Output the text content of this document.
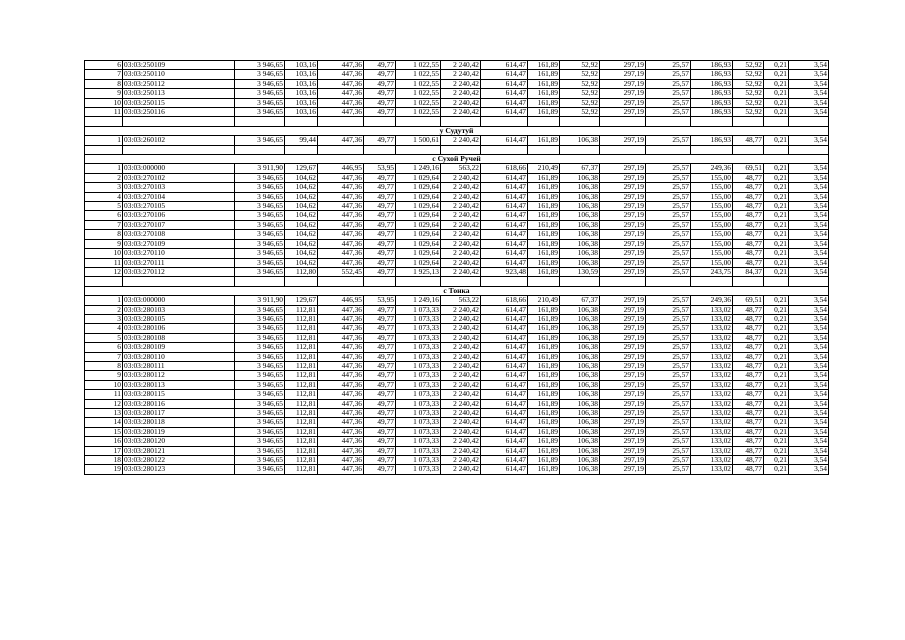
6	03:03:250109	3 946,65	103,16	447,36	49,77	1 022,55	2 240,42	614,47	161,89	52,92	297,19	25,57	186,93	52,92	0,21	3,54
7	03:03:250110	3 946,65	103,16	447,36	49,77	1 022,55	2 240,42	614,47	161,89	52,92	297,19	25,57	186,93	52,92	0,21	3,54
8	03:03:250112	3 946,65	103,16	447,36	49,77	1 022,55	2 240,42	614,47	161,89	52,92	297,19	25,57	186,93	52,92	0,21	3,54
9	03:03:250113	3 946,65	103,16	447,36	49,77	1 022,55	2 240,42	614,47	161,89	52,92	297,19	25,57	186,93	52,92	0,21	3,54
10	03:03:250115	3 946,65	103,16	447,36	49,77	1 022,55	2 240,42	614,47	161,89	52,92	297,19	25,57	186,93	52,92	0,21	3,54
11	03:03:250116	3 946,65	103,16	447,36	49,77	1 022,55	2 240,42	614,47	161,89	52,92	297,19	25,57	186,93	52,92	0,21	3,54

у Судутуй																
1	03:03:260102	3 946,65	99,44	447,36	49,77	1 500,61	2 240,42	614,47	161,89	106,38	297,19	25,57	186,93	48,77	0,21	3,54

с Сухой Ручей																
1	03:03:000000	3 911,90	129,67	446,95	53,95	1 249,16	563,22	618,66	210,49	67,37	297,19	25,57	249,36	69,51	0,21	3,54
2	03:03:270102	3 946,65	104,62	447,36	49,77	1 029,64	2 240,42	614,47	161,89	106,38	297,19	25,57	155,00	48,77	0,21	3,54
3	03:03:270103	3 946,65	104,62	447,36	49,77	1 029,64	2 240,42	614,47	161,89	106,38	297,19	25,57	155,00	48,77	0,21	3,54
4	03:03:270104	3 946,65	104,62	447,36	49,77	1 029,64	2 240,42	614,47	161,89	106,38	297,19	25,57	155,00	48,77	0,21	3,54
5	03:03:270105	3 946,65	104,62	447,36	49,77	1 029,64	2 240,42	614,47	161,89	106,38	297,19	25,57	155,00	48,77	0,21	3,54
6	03:03:270106	3 946,65	104,62	447,36	49,77	1 029,64	2 240,42	614,47	161,89	106,38	297,19	25,57	155,00	48,77	0,21	3,54
7	03:03:270107	3 946,65	104,62	447,36	49,77	1 029,64	2 240,42	614,47	161,89	106,38	297,19	25,57	155,00	48,77	0,21	3,54
8	03:03:270108	3 946,65	104,62	447,36	49,77	1 029,64	2 240,42	614,47	161,89	106,38	297,19	25,57	155,00	48,77	0,21	3,54
9	03:03:270109	3 946,65	104,62	447,36	49,77	1 029,64	2 240,42	614,47	161,89	106,38	297,19	25,57	155,00	48,77	0,21	3,54
10	03:03:270110	3 946,65	104,62	447,36	49,77	1 029,64	2 240,42	614,47	161,89	106,38	297,19	25,57	155,00	48,77	0,21	3,54
11	03:03:270111	3 946,65	104,62	447,36	49,77	1 029,64	2 240,42	614,47	161,89	106,38	297,19	25,57	155,00	48,77	0,21	3,54
12	03:03:270112	3 946,65	112,80	552,45	49,77	1 925,13	2 240,42	923,48	161,89	130,59	297,19	25,57	243,75	84,37	0,21	3,54

с Тонка																
1	03:03:000000	3 911,90	129,67	446,95	53,95	1 249,16	563,22	618,66	210,49	67,37	297,19	25,57	249,36	69,51	0,21	3,54
2	03:03:280103	3 946,65	112,81	447,36	49,77	1 073,33	2 240,42	614,47	161,89	106,38	297,19	25,57	133,02	48,77	0,21	3,54
3	03:03:280105	3 946,65	112,81	447,36	49,77	1 073,33	2 240,42	614,47	161,89	106,38	297,19	25,57	133,02	48,77	0,21	3,54
4	03:03:280106	3 946,65	112,81	447,36	49,77	1 073,33	2 240,42	614,47	161,89	106,38	297,19	25,57	133,02	48,77	0,21	3,54
5	03:03:280108	3 946,65	112,81	447,36	49,77	1 073,33	2 240,42	614,47	161,89	106,38	297,19	25,57	133,02	48,77	0,21	3,54
6	03:03:280109	3 946,65	112,81	447,36	49,77	1 073,33	2 240,42	614,47	161,89	106,38	297,19	25,57	133,02	48,77	0,21	3,54
7	03:03:280110	3 946,65	112,81	447,36	49,77	1 073,33	2 240,42	614,47	161,89	106,38	297,19	25,57	133,02	48,77	0,21	3,54
8	03:03:280111	3 946,65	112,81	447,36	49,77	1 073,33	2 240,42	614,47	161,89	106,38	297,19	25,57	133,02	48,77	0,21	3,54
9	03:03:280112	3 946,65	112,81	447,36	49,77	1 073,33	2 240,42	614,47	161,89	106,38	297,19	25,57	133,02	48,77	0,21	3,54
10	03:03:280113	3 946,65	112,81	447,36	49,77	1 073,33	2 240,42	614,47	161,89	106,38	297,19	25,57	133,02	48,77	0,21	3,54
11	03:03:280115	3 946,65	112,81	447,36	49,77	1 073,33	2 240,42	614,47	161,89	106,38	297,19	25,57	133,02	48,77	0,21	3,54
12	03:03:280116	3 946,65	112,81	447,36	49,77	1 073,33	2 240,42	614,47	161,89	106,38	297,19	25,57	133,02	48,77	0,21	3,54
13	03:03:280117	3 946,65	112,81	447,36	49,77	1 073,33	2 240,42	614,47	161,89	106,38	297,19	25,57	133,02	48,77	0,21	3,54
14	03:03:280118	3 946,65	112,81	447,36	49,77	1 073,33	2 240,42	614,47	161,89	106,38	297,19	25,57	133,02	48,77	0,21	3,54
15	03:03:280119	3 946,65	112,81	447,36	49,77	1 073,33	2 240,42	614,47	161,89	106,38	297,19	25,57	133,02	48,77	0,21	3,54
16	03:03:280120	3 946,65	112,81	447,36	49,77	1 073,33	2 240,42	614,47	161,89	106,38	297,19	25,57	133,02	48,77	0,21	3,54
17	03:03:280121	3 946,65	112,81	447,36	49,77	1 073,33	2 240,42	614,47	161,89	106,38	297,19	25,57	133,02	48,77	0,21	3,54
18	03:03:280122	3 946,65	112,81	447,36	49,77	1 073,33	2 240,42	614,47	161,89	106,38	297,19	25,57	133,02	48,77	0,21	3,54
19	03:03:280123	3 946,65	112,81	447,36	49,77	1 073,33	2 240,42	614,47	161,89	106,38	297,19	25,57	133,02	48,77	0,21	3,54
